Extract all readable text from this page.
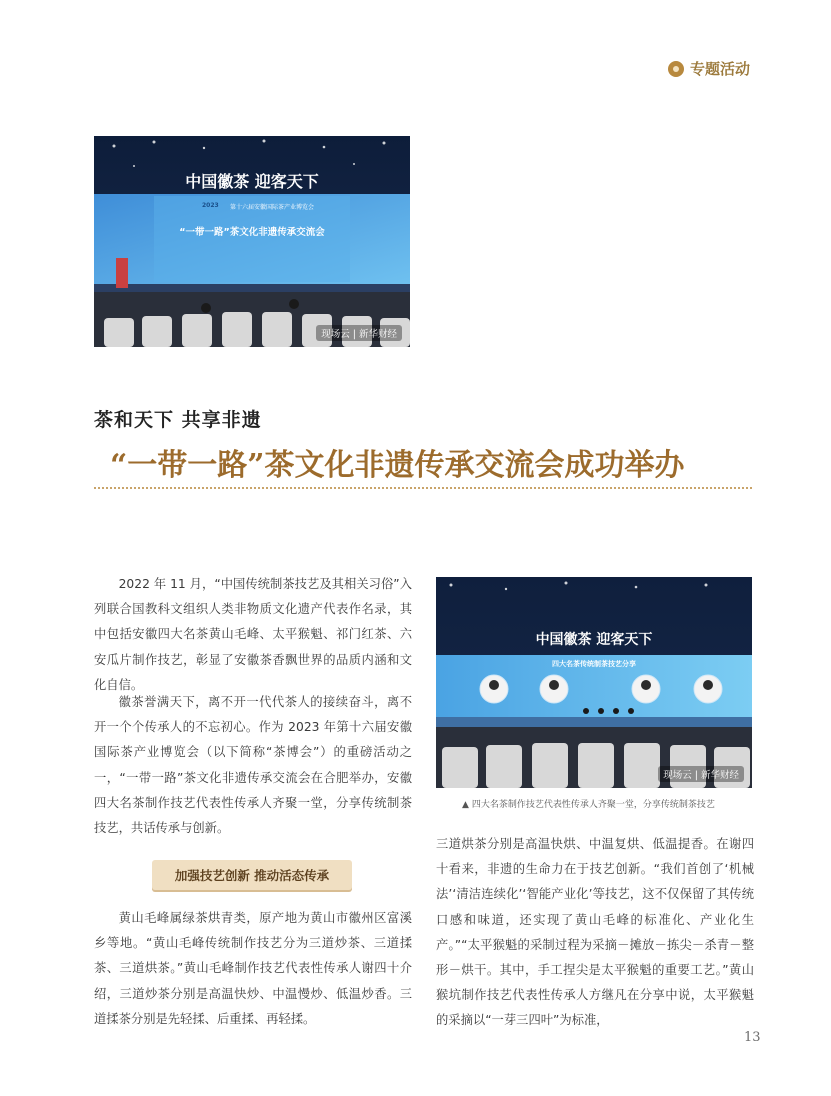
专题活动
中国徽茶 迎客天下
2023 第十六届安徽国际茶产业博览会
“一带一路”茶文化非遗传承交流会
现场云 | 新华财经
茶和天下 共享非遗
“一带一路”茶文化非遗传承交流会成功举办
2022 年 11 月，“中国传统制茶技艺及其相关习俗”入列联合国教科文组织人类非物质文化遗产代表作名录，其中包括安徽四大名茶黄山毛峰、太平猴魁、祁门红茶、六安瓜片制作技艺，彰显了安徽茶香飘世界的品质内涵和文化自信。
徽茶誉满天下，离不开一代代茶人的接续奋斗，离不开一个个传承人的不忘初心。作为 2023 年第十六届安徽国际茶产业博览会（以下简称“茶博会”）的重磅活动之一，“一带一路”茶文化非遗传承交流会在合肥举办，安徽四大名茶制作技艺代表性传承人齐聚一堂，分享传统制茶技艺，共话传承与创新。
加强技艺创新 推动活态传承
黄山毛峰属绿茶烘青类，原产地为黄山市徽州区富溪乡等地。“黄山毛峰传统制作技艺分为三道炒茶、三道揉茶、三道烘茶。”黄山毛峰制作技艺代表性传承人谢四十介绍，三道炒茶分别是高温快炒、中温慢炒、低温炒香。三道揉茶分别是先轻揉、后重揉、再轻揉。
中国徽茶 迎客天下
四大名茶传统制茶技艺分享
现场云 | 新华财经
▲ 四大名茶制作技艺代表性传承人齐聚一堂，分享传统制茶技艺
三道烘茶分别是高温快烘、中温复烘、低温提香。在谢四十看来，非遗的生命力在于技艺创新。“我们首创了‘机械法’‘清洁连续化’‘智能产业化’等技艺，这不仅保留了其传统口感和味道，还实现了黄山毛峰的标准化、产业化生产。”“太平猴魁的采制过程为采摘－摊放－拣尖－杀青－整形－烘干。其中，手工捏尖是太平猴魁的重要工艺。”黄山猴坑制作技艺代表性传承人方继凡在分享中说，太平猴魁的采摘以“一芽三四叶”为标准，
13
